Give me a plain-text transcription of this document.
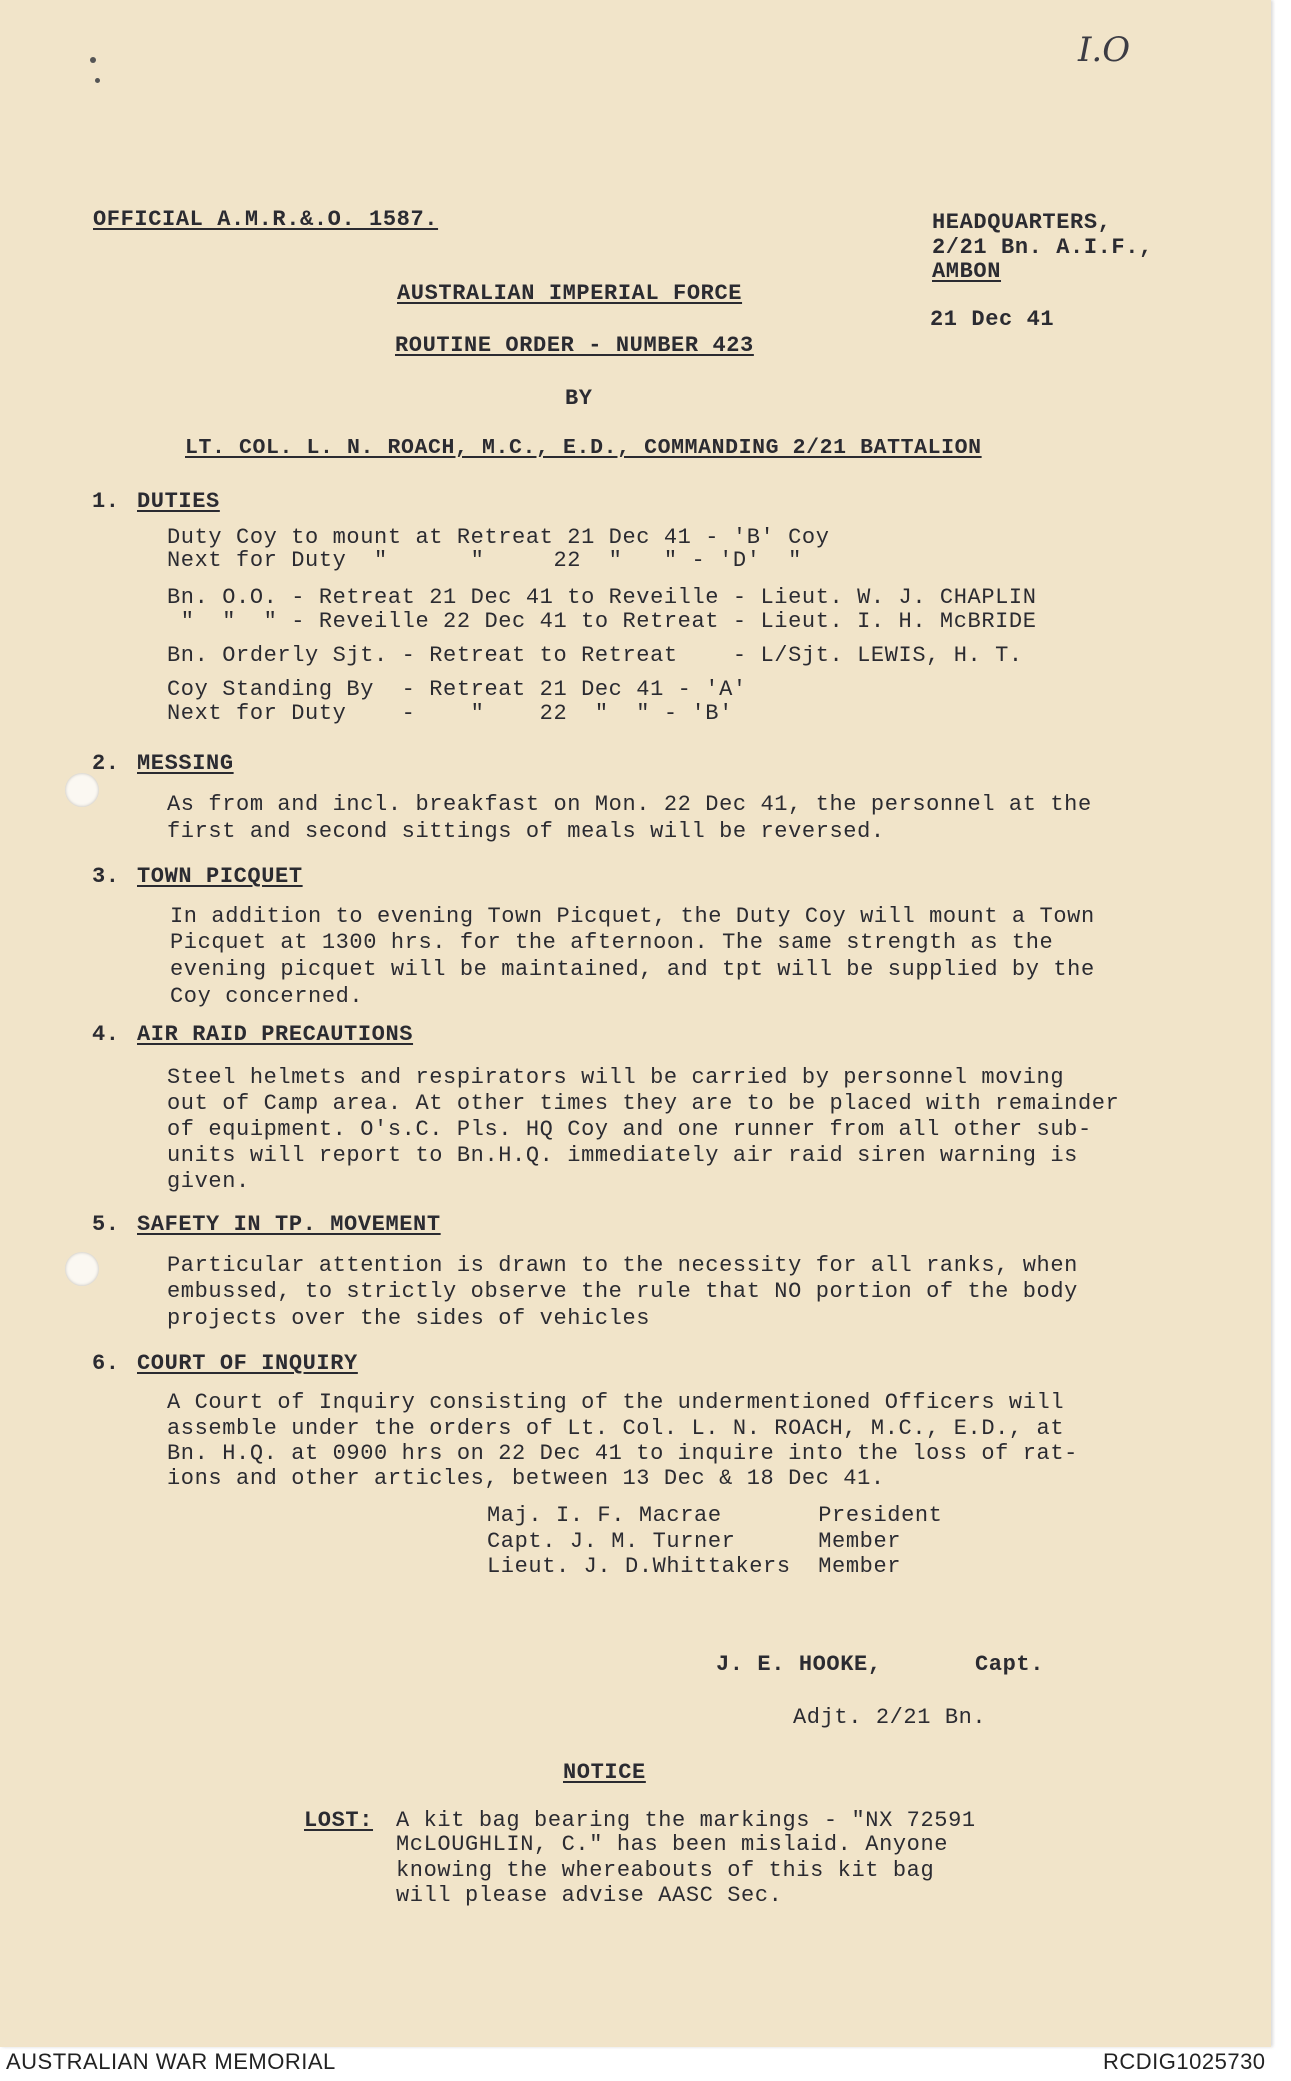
I.O
OFFICIAL A.M.R.&.O. 1587.	HEADQUARTERS,
2/21 Bn. A.I.F.,
AMBON
21 Dec 41
AUSTRALIAN IMPERIAL FORCE
ROUTINE ORDER - NUMBER 423
BY
LT. COL. L. N. ROACH, M.C., E.D., COMMANDING 2/21 BATTALION
1. DUTIES
Duty Coy to mount at Retreat 21 Dec 41 - 'B' Coy
Next for Duty  "      "     22  "   " - 'D'  "
Bn. O.O. - Retreat 21 Dec 41 to Reveille - Lieut. W. J. CHAPLIN
"  "  " - Reveille 22 Dec 41 to Retreat - Lieut. I. H. McBRIDE
Bn. Orderly Sjt. - Retreat to Retreat    - L/Sjt. LEWIS, H. T.
Coy Standing By  - Retreat 21 Dec 41 - 'A'
Next for Duty    -    "    22  "  " - 'B'
2. MESSING
As from and incl. breakfast on Mon. 22 Dec 41, the personnel at the
first and second sittings of meals will be reversed.
3. TOWN PICQUET
In addition to evening Town Picquet, the Duty Coy will mount a Town
Picquet at 1300 hrs. for the afternoon. The same strength as the
evening picquet will be maintained, and tpt will be supplied by the
Coy concerned.
4. AIR RAID PRECAUTIONS
Steel helmets and respirators will be carried by personnel moving
out of Camp area. At other times they are to be placed with remainder
of equipment. O's.C. Pls. HQ Coy and one runner from all other sub-
units will report to Bn.H.Q. immediately air raid siren warning is
given.
5. SAFETY IN TP. MOVEMENT
Particular attention is drawn to the necessity for all ranks, when
embussed, to strictly observe the rule that NO portion of the body
projects over the sides of vehicles
6. COURT OF INQUIRY
A Court of Inquiry consisting of the undermentioned Officers will
assemble under the orders of Lt. Col. L. N. ROACH, M.C., E.D., at
Bn. H.Q. at 0900 hrs on 22 Dec 41 to inquire into the loss of rat-
ions and other articles, between 13 Dec & 18 Dec 41.
Maj. I. F. Macrae       President
Capt. J. M. Turner      Member
Lieut. J. D.Whittakers  Member
J. E. HOOKE,	Capt.
Adjt. 2/21 Bn.
NOTICE
LOST: A kit bag bearing the markings - "NX 72591
McLOUGHLIN, C." has been mislaid. Anyone
knowing the whereabouts of this kit bag
will please advise AASC Sec.
AUSTRALIAN WAR MEMORIAL	RCDIG1025730
